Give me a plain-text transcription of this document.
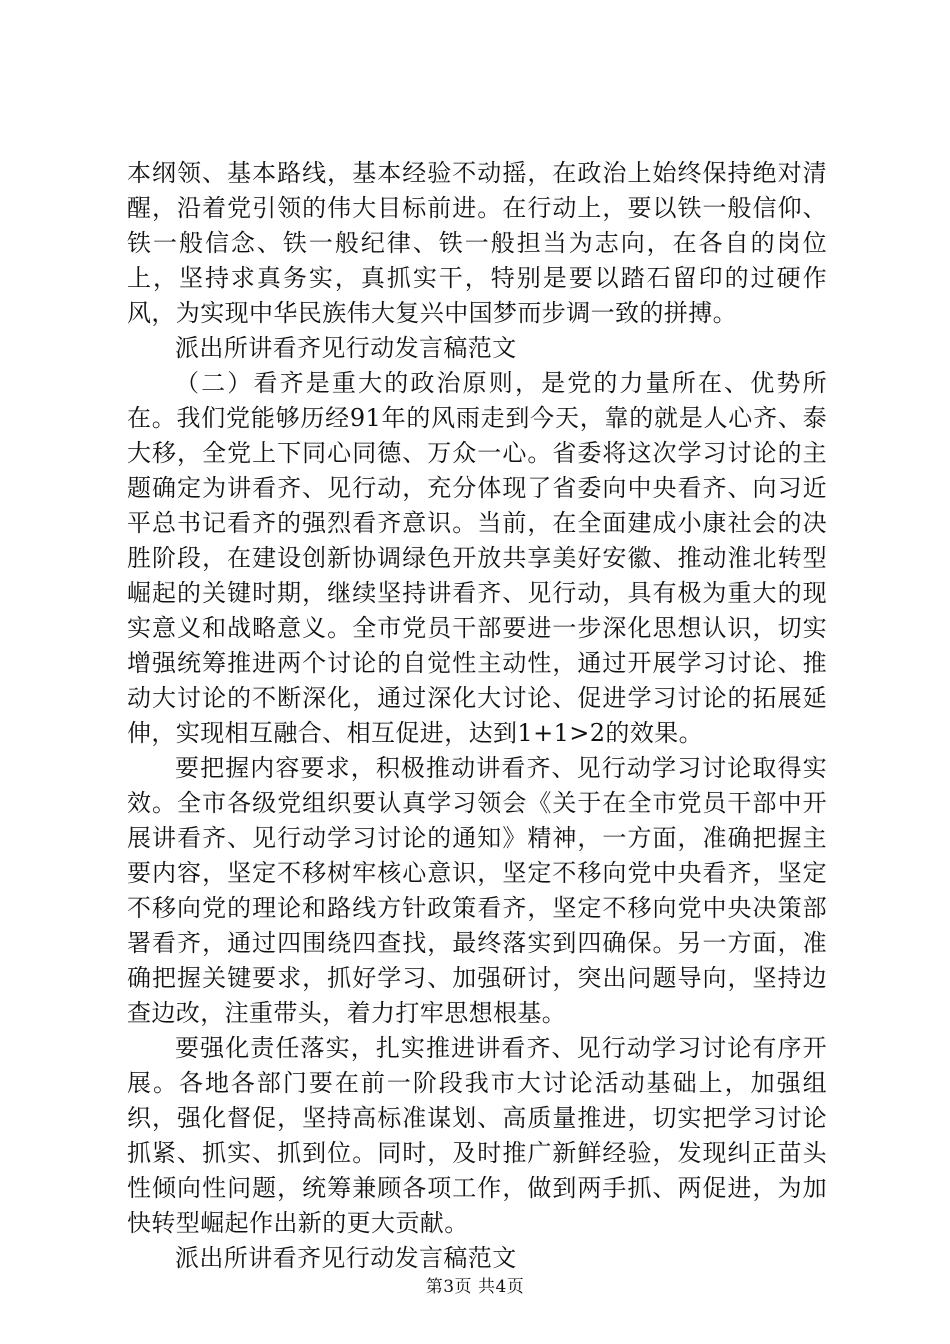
本纲领、基本路线，基本经验不动摇，在政治上始终保持绝对清醒，沿着党引领的伟大目标前进。在行动上，要以铁一般信仰、铁一般信念、铁一般纪律、铁一般担当为志向，在各自的岗位上，坚持求真务实，真抓实干，特别是要以踏石留印的过硬作风，为实现中华民族伟大复兴中国梦而步调一致的拼搏。

派出所讲看齐见行动发言稿范文

（二）看齐是重大的政治原则，是党的力量所在、优势所在。我们党能够历经91年的风雨走到今天，靠的就是人心齐、泰大移，全党上下同心同德、万众一心。省委将这次学习讨论的主题确定为讲看齐、见行动，充分体现了省委向中央看齐、向习近平总书记看齐的强烈看齐意识。当前，在全面建成小康社会的决胜阶段，在建设创新协调绿色开放共享美好安徽、推动淮北转型崛起的关键时期，继续坚持讲看齐、见行动，具有极为重大的现实意义和战略意义。全市党员干部要进一步深化思想认识，切实增强统筹推进两个讨论的自觉性主动性，通过开展学习讨论、推动大讨论的不断深化，通过深化大讨论、促进学习讨论的拓展延伸，实现相互融合、相互促进，达到1+1>2的效果。

要把握内容要求，积极推动讲看齐、见行动学习讨论取得实效。全市各级党组织要认真学习领会《关于在全市党员干部中开展讲看齐、见行动学习讨论的通知》精神，一方面，准确把握主要内容，坚定不移树牢核心意识，坚定不移向党中央看齐，坚定不移向党的理论和路线方针政策看齐，坚定不移向党中央决策部署看齐，通过四围绕四查找，最终落实到四确保。另一方面，准确把握关键要求，抓好学习、加强研讨，突出问题导向，坚持边查边改，注重带头，着力打牢思想根基。

要强化责任落实，扎实推进讲看齐、见行动学习讨论有序开展。各地各部门要在前一阶段我市大讨论活动基础上，加强组织，强化督促，坚持高标准谋划、高质量推进，切实把学习讨论抓紧、抓实、抓到位。同时，及时推广新鲜经验，发现纠正苗头性倾向性问题，统筹兼顾各项工作，做到两手抓、两促进，为加快转型崛起作出新的更大贡献。

派出所讲看齐见行动发言稿范文

第3页 共4页
